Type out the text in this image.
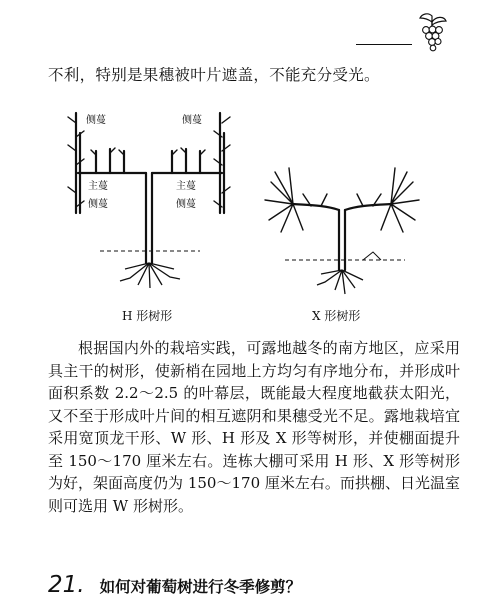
不利，特别是果穗被叶片遮盖，不能充分受光。
侧蔓	侧蔓
主蔓	主蔓
侧蔓	侧蔓
H 形树形	X 形树形

根据国内外的栽培实践，可露地越冬的南方地区，应采用具主干的树形，使新梢在园地上方均匀有序地分布，并形成叶面积系数 2.2～2.5 的叶幕层，既能最大程度地截获太阳光，又不至于形成叶片间的相互遮阴和果穗受光不足。露地栽培宜采用宽顶龙干形、W 形、H 形及 X 形等树形，并使棚面提升至 150～170 厘米左右。连栋大棚可采用 H 形、X 形等树形为好，架面高度仍为 150～170 厘米左右。而拱棚、日光温室则可选用 W 形树形。

21. 如何对葡萄树进行冬季修剪？
